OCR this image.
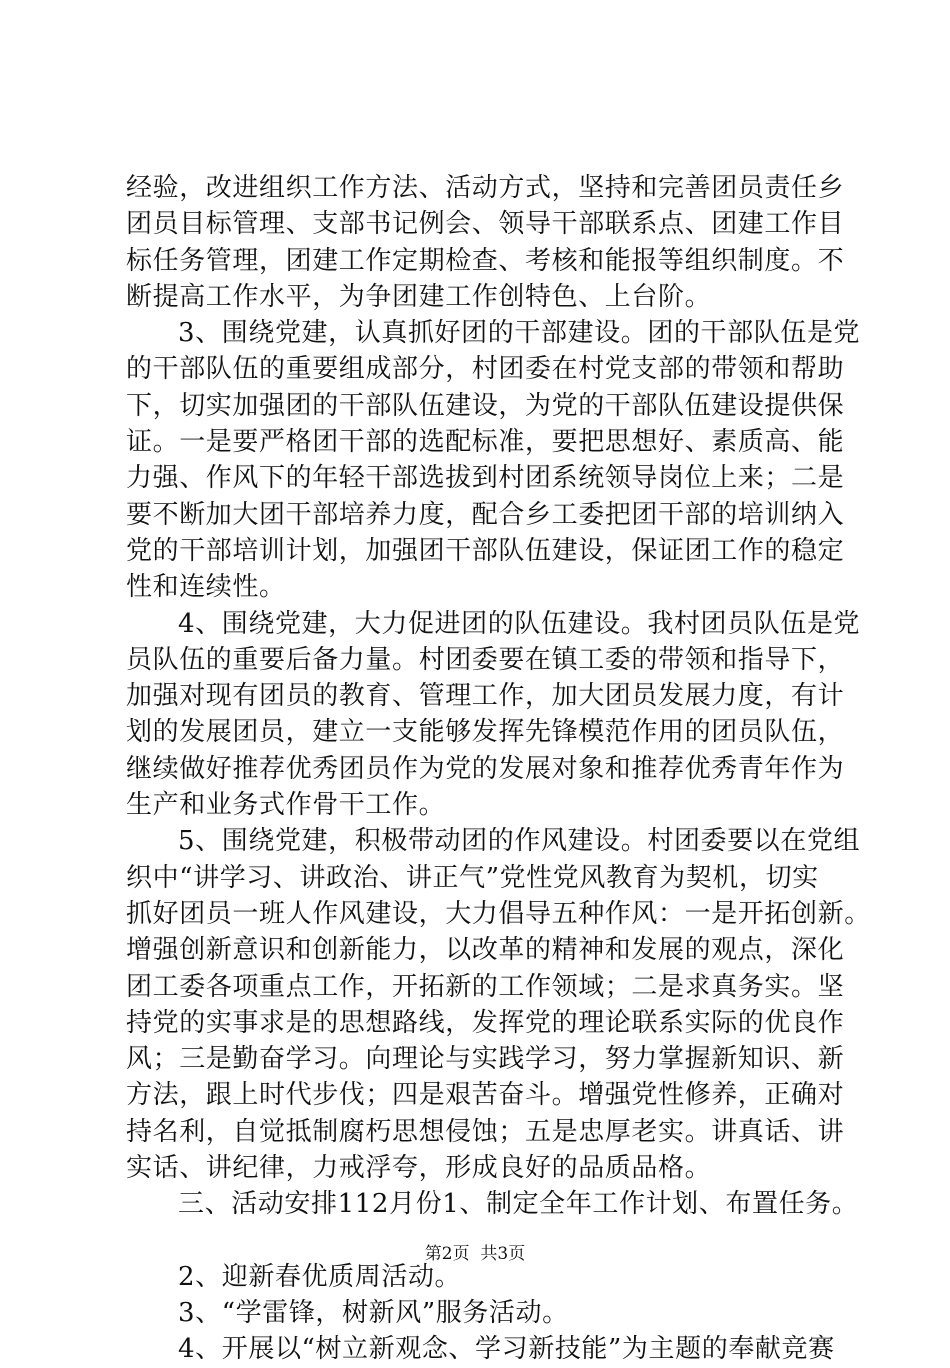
经验，改进组织工作方法、活动方式，坚持和完善团员责任乡
团员目标管理、支部书记例会、领导干部联系点、团建工作目
标任务管理，团建工作定期检查、考核和能报等组织制度。不
断提高工作水平，为争团建工作创特色、上台阶。
3、围绕党建，认真抓好团的干部建设。团的干部队伍是党
的干部队伍的重要组成部分，村团委在村党支部的带领和帮助
下，切实加强团的干部队伍建设，为党的干部队伍建设提供保
证。一是要严格团干部的选配标准，要把思想好、素质高、能
力强、作风下的年轻干部选拔到村团系统领导岗位上来；二是
要不断加大团干部培养力度，配合乡工委把团干部的培训纳入
党的干部培训计划，加强团干部队伍建设，保证团工作的稳定
性和连续性。
4、围绕党建，大力促进团的队伍建设。我村团员队伍是党
员队伍的重要后备力量。村团委要在镇工委的带领和指导下，
加强对现有团员的教育、管理工作，加大团员发展力度，有计
划的发展团员，建立一支能够发挥先锋模范作用的团员队伍，
继续做好推荐优秀团员作为党的发展对象和推荐优秀青年作为
生产和业务式作骨干工作。
5、围绕党建，积极带动团的作风建设。村团委要以在党组
织中“讲学习、讲政治、讲正气”党性党风教育为契机，切实
抓好团员一班人作风建设，大力倡导五种作风：一是开拓创新。
增强创新意识和创新能力，以改革的精神和发展的观点，深化
团工委各项重点工作，开拓新的工作领域；二是求真务实。坚
持党的实事求是的思想路线，发挥党的理论联系实际的优良作
风；三是勤奋学习。向理论与实践学习，努力掌握新知识、新
方法，跟上时代步伐；四是艰苦奋斗。增强党性修养，正确对
持名利，自觉抵制腐朽思想侵蚀；五是忠厚老实。讲真话、讲
实话、讲纪律，力戒浮夸，形成良好的品质品格。
三、活动安排112月份1、制定全年工作计划、布置任务。
2、迎新春优质周活动。
3、“学雷锋，树新风”服务活动。
4、开展以“树立新观念、学习新技能”为主题的奉献竞赛
第2页  共3页
